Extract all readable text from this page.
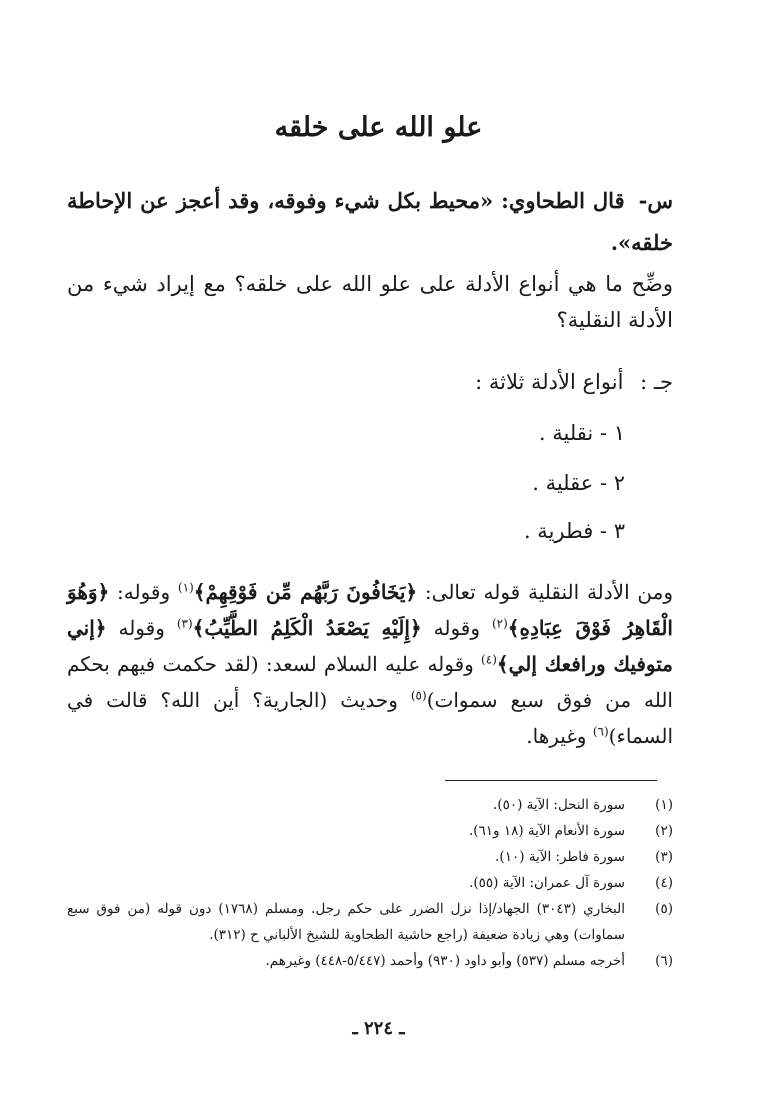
علو الله على خلقه
س- قال الطحاوي: «محيط بكل شيء وفوقه، وقد أعجز عن الإحاطة خلقه».
وضِّح ما هي أنواع الأدلة على علو الله على خلقه؟ مع إيراد شيء من الأدلة النقلية؟
جـ : أنواع الأدلة ثلاثة :
١ - نقلية .
٢ - عقلية .
٣ - فطرية .
ومن الأدلة النقلية قوله تعالى: ﴿يَخَافُونَ رَبَّهُم مِّن فَوْقِهِمْ﴾$^{(١)}$ وقوله: ﴿وَهُوَ الْقَاهِرُ فَوْقَ عِبَادِهِ﴾$^{(٢)}$ وقوله ﴿إِلَيْهِ يَصْعَدُ الْكَلِمُ الطَّيِّبُ﴾$^{(٣)}$ وقوله ﴿إني متوفيك ورافعك إلي﴾$^{(٤)}$ وقوله عليه السلام لسعد: (لقد حكمت فيهم بحكم الله من فوق سبع سموات)$^{(٥)}$ وحديث (الجارية؟ أين الله؟ قالت في السماء)$^{(٦)}$ وغيرها.
(١)
سورة النحل: الآية (٥٠).
(٢)
سورة الأنعام الآية (١٨ و٦١).
(٣)
سورة فاطر: الآية (١٠).
(٤)
سورة آل عمران: الآية (٥٥).
(٥)
البخاري (٣٠٤٣) الجهاد/إذا نزل الضرر على حكم رجل. ومسلم (١٧٦٨) دون قوله (من فوق سبع سماوات) وهي زيادة ضعيفة (راجع حاشية الطحاوية للشيخ الألباني ح (٣١٢).
(٦)
أخرجه مسلم (٥٣٧) وأبو داود (٩٣٠) وأحمد (٥/٤٤٧-٤٤٨) وغيرهم.
ـ ٢٢٤ ـ
